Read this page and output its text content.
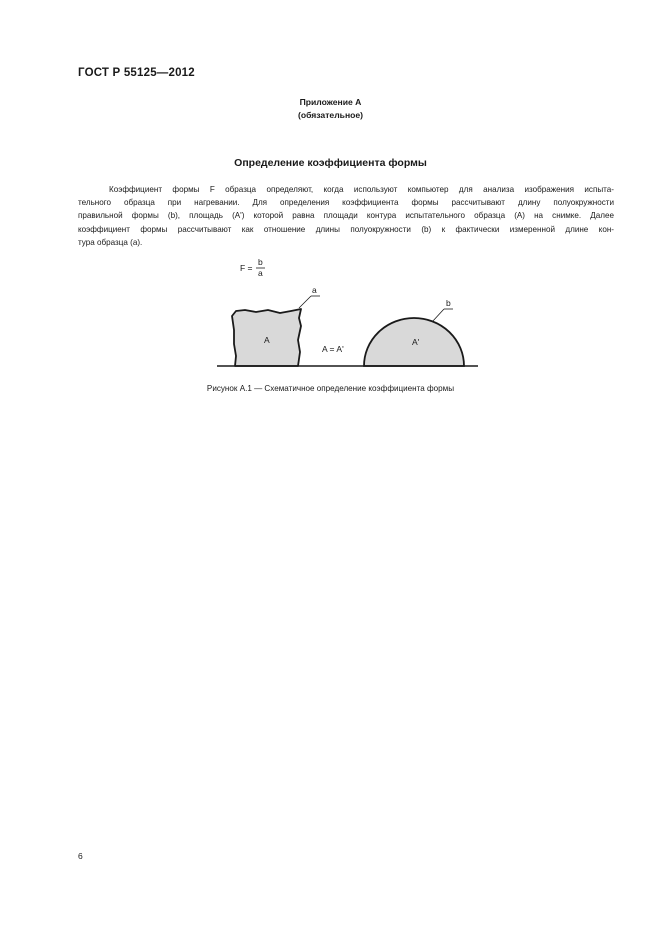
ГОСТ Р 55125—2012
Приложение А
(обязательное)
Определение коэффициента формы
Коэффициент формы F образца определяют, когда используют компьютер для анализа изображения испыта-
тельного образца при нагревании. Для определения коэффициента формы рассчитывают длину полуокружности
правильной формы (b), площадь (A') которой равна площади контура испытательного образца (A) на снимке. Далее
коэффициент формы рассчитывают как отношение длины полуокружности (b) к фактически измеренной длине кон-
тура образца (a).
F =
b
a
a
b
A	A'
A = A'
Рисунок А.1 — Схематичное определение коэффициента формы
6
